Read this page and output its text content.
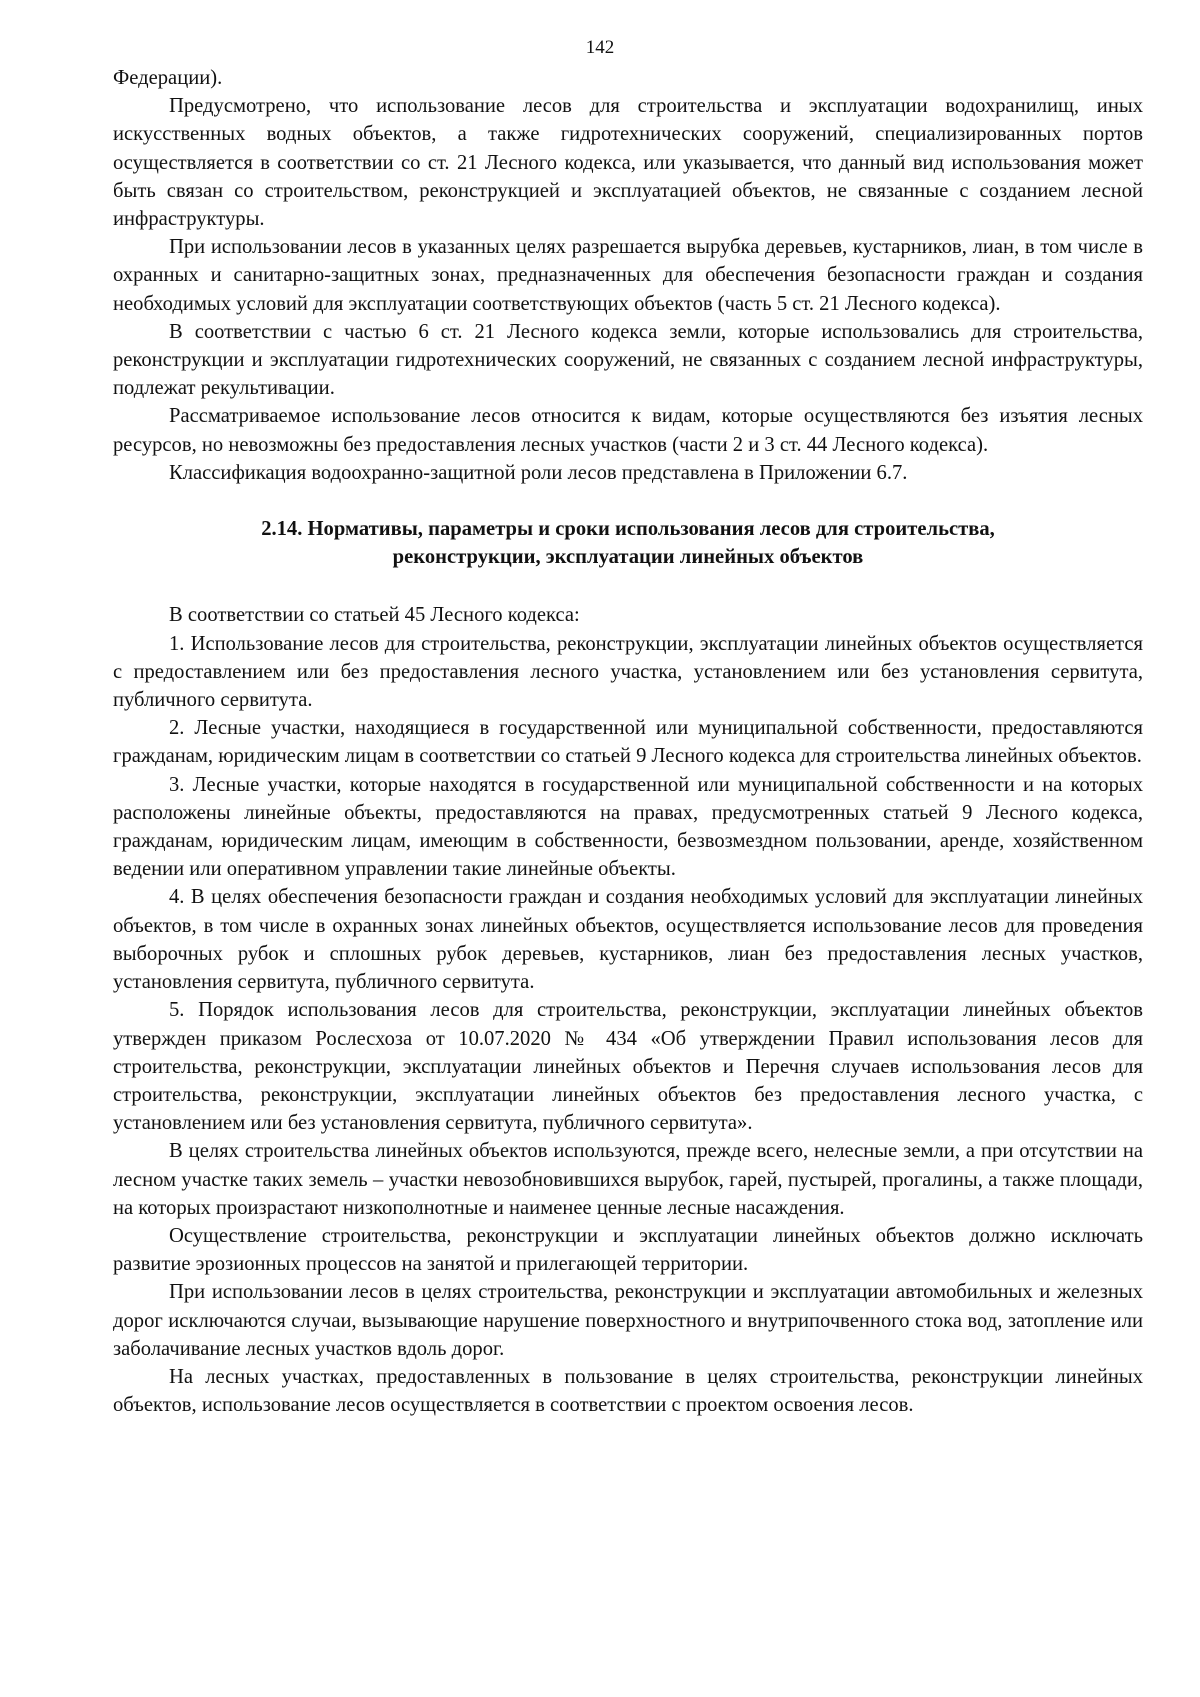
142

Федерации).

Предусмотрено, что использование лесов для строительства и эксплуатации водохранилищ, иных искусственных водных объектов, а также гидротехнических сооружений, специализированных портов осуществляется в соответствии со ст. 21 Лесного кодекса, или указывается, что данный вид использования может быть связан со строительством, реконструкцией и эксплуатацией объектов, не связанные с созданием лесной инфраструктуры.

При использовании лесов в указанных целях разрешается вырубка деревьев, кустарников, лиан, в том числе в охранных и санитарно-защитных зонах, предназначенных для обеспечения безопасности граждан и создания необходимых условий для эксплуатации соответствующих объектов (часть 5 ст. 21 Лесного кодекса).

В соответствии с частью 6 ст. 21 Лесного кодекса земли, которые использовались для строительства, реконструкции и эксплуатации гидротехнических сооружений, не связанных с созданием лесной инфраструктуры, подлежат рекультивации.

Рассматриваемое использование лесов относится к видам, которые осуществляются без изъятия лесных ресурсов, но невозможны без предоставления лесных участков (части 2 и 3 ст. 44 Лесного кодекса).

Классификация водоохранно-защитной роли лесов представлена в Приложении 6.7.

2.14. Нормативы, параметры и сроки использования лесов для строительства,
реконструкции, эксплуатации линейных объектов

В соответствии со статьей 45 Лесного кодекса:

1. Использование лесов для строительства, реконструкции, эксплуатации линейных объектов осуществляется с предоставлением или без предоставления лесного участка, установлением или без установления сервитута, публичного сервитута.

2. Лесные участки, находящиеся в государственной или муниципальной собственности, предоставляются гражданам, юридическим лицам в соответствии со статьей 9 Лесного кодекса для строительства линейных объектов.

3. Лесные участки, которые находятся в государственной или муниципальной собственности и на которых расположены линейные объекты, предоставляются на правах, предусмотренных статьей 9 Лесного кодекса, гражданам, юридическим лицам, имеющим в собственности, безвозмездном пользовании, аренде, хозяйственном ведении или оперативном управлении такие линейные объекты.

4. В целях обеспечения безопасности граждан и создания необходимых условий для эксплуатации линейных объектов, в том числе в охранных зонах линейных объектов, осуществляется использование лесов для проведения выборочных рубок и сплошных рубок деревьев, кустарников, лиан без предоставления лесных участков, установления сервитута, публичного сервитута.

5. Порядок использования лесов для строительства, реконструкции, эксплуатации линейных объектов утвержден приказом Рослесхоза от 10.07.2020 № 434 «Об утверждении Правил использования лесов для строительства, реконструкции, эксплуатации линейных объектов и Перечня случаев использования лесов для строительства, реконструкции, эксплуатации линейных объектов без предоставления лесного участка, с установлением или без установления сервитута, публичного сервитута».

В целях строительства линейных объектов используются, прежде всего, нелесные земли, а при отсутствии на лесном участке таких земель – участки невозобновившихся вырубок, гарей, пустырей, прогалины, а также площади, на которых произрастают низкополнотные и наименее ценные лесные насаждения.

Осуществление строительства, реконструкции и эксплуатации линейных объектов должно исключать развитие эрозионных процессов на занятой и прилегающей территории.

При использовании лесов в целях строительства, реконструкции и эксплуатации автомобильных и железных дорог исключаются случаи, вызывающие нарушение поверхностного и внутрипочвенного стока вод, затопление или заболачивание лесных участков вдоль дорог.

На лесных участках, предоставленных в пользование в целях строительства, реконструкции линейных объектов, использование лесов осуществляется в соответствии с проектом освоения лесов.
